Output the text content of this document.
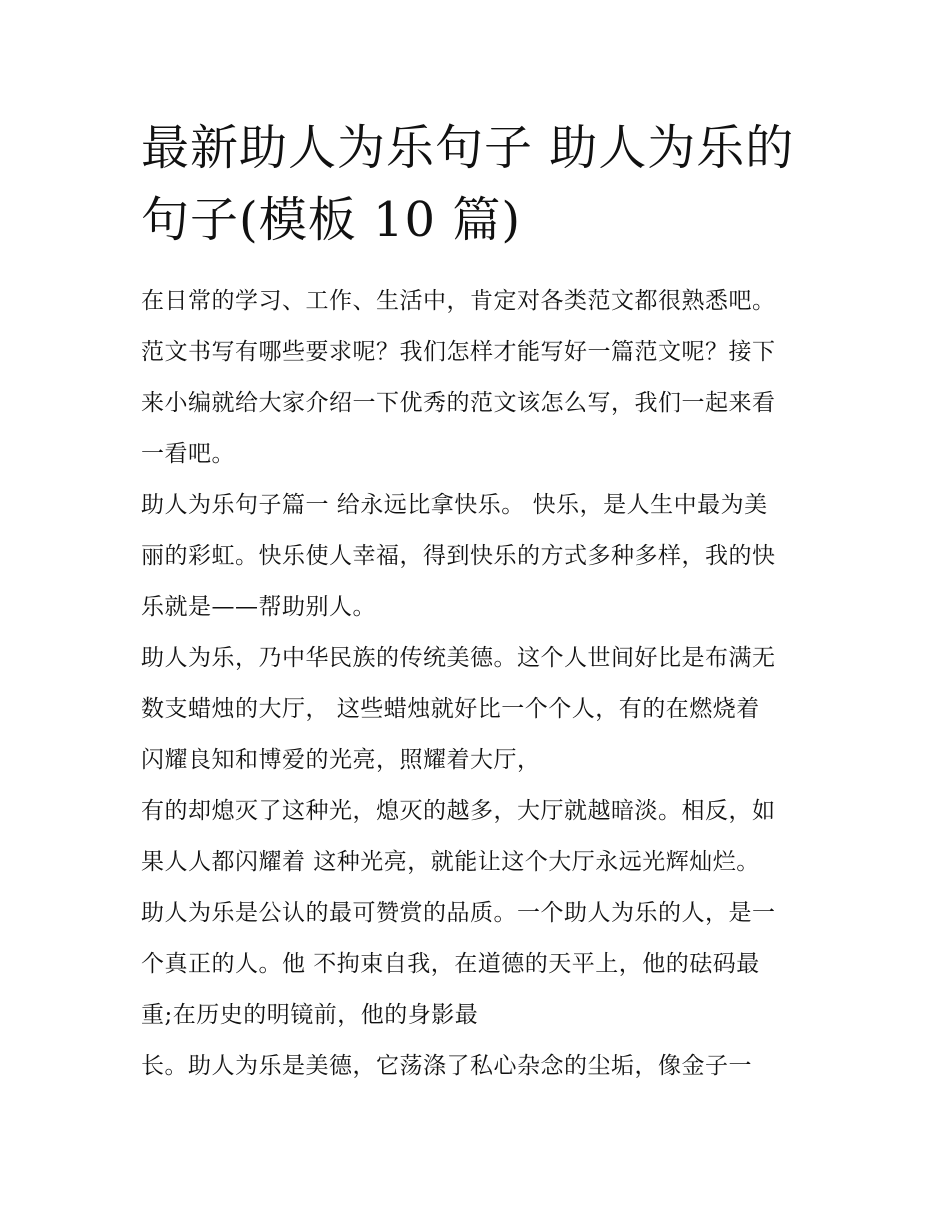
最新助人为乐句子 助人为乐的
句子(模板 10 篇)
在日常的学习、工作、生活中，肯定对各类范文都很熟悉吧。
范文书写有哪些要求呢？我们怎样才能写好一篇范文呢？接下
来小编就给大家介绍一下优秀的范文该怎么写，我们一起来看
一看吧。
助人为乐句子篇一 给永远比拿快乐。 快乐，是人生中最为美
丽的彩虹。快乐使人幸福，得到快乐的方式多种多样，我的快
乐就是——帮助别人。
助人为乐，乃中华民族的传统美德。这个人世间好比是布满无
数支蜡烛的大厅， 这些蜡烛就好比一个个人，有的在燃烧着
闪耀良知和博爱的光亮，照耀着大厅，
有的却熄灭了这种光，熄灭的越多，大厅就越暗淡。相反，如
果人人都闪耀着 这种光亮，就能让这个大厅永远光辉灿烂。
助人为乐是公认的最可赞赏的品质。一个助人为乐的人，是一
个真正的人。他 不拘束自我，在道德的天平上，他的砝码最
重;在历史的明镜前，他的身影最
长。助人为乐是美德，它荡涤了私心杂念的尘垢，像金子一
